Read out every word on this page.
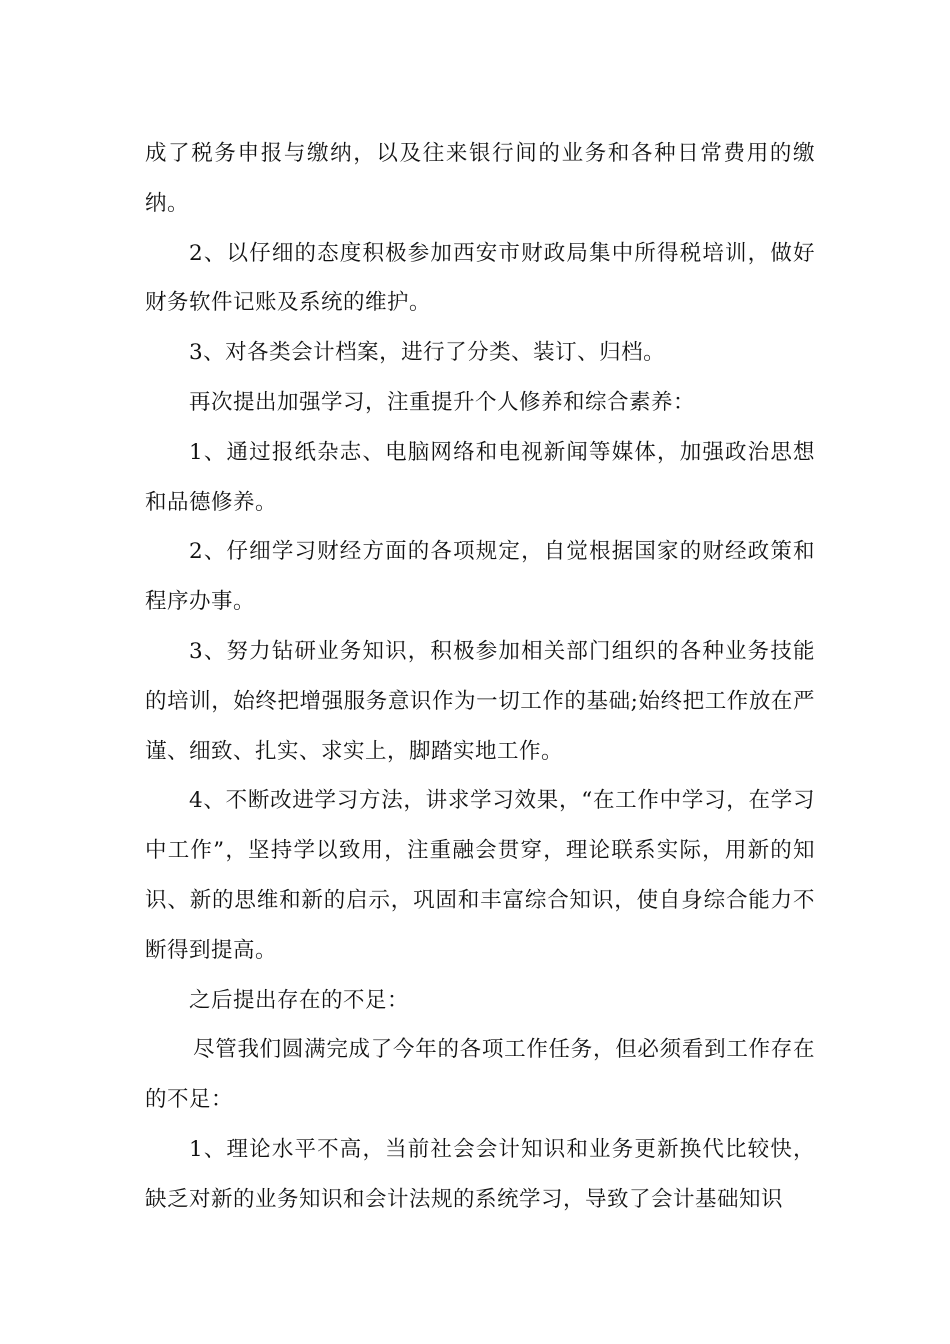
成了税务申报与缴纳，以及往来银行间的业务和各种日常费用的缴纳。

2、以仔细的态度积极参加西安市财政局集中所得税培训，做好财务软件记账及系统的维护。

3、对各类会计档案，进行了分类、装订、归档。

再次提出加强学习，注重提升个人修养和综合素养：

1、通过报纸杂志、电脑网络和电视新闻等媒体，加强政治思想和品德修养。

2、仔细学习财经方面的各项规定，自觉根据国家的财经政策和程序办事。

3、努力钻研业务知识，积极参加相关部门组织的各种业务技能的培训，始终把增强服务意识作为一切工作的基础;始终把工作放在严谨、细致、扎实、求实上，脚踏实地工作。

4、不断改进学习方法，讲求学习效果，“在工作中学习，在学习中工作”，坚持学以致用，注重融会贯穿，理论联系实际，用新的知识、新的思维和新的启示，巩固和丰富综合知识，使自身综合能力不断得到提高。

之后提出存在的不足：

尽管我们圆满完成了今年的各项工作任务，但必须看到工作存在的不足：

1、理论水平不高，当前社会会计知识和业务更新换代比较快，缺乏对新的业务知识和会计法规的系统学习，导致了会计基础知识
